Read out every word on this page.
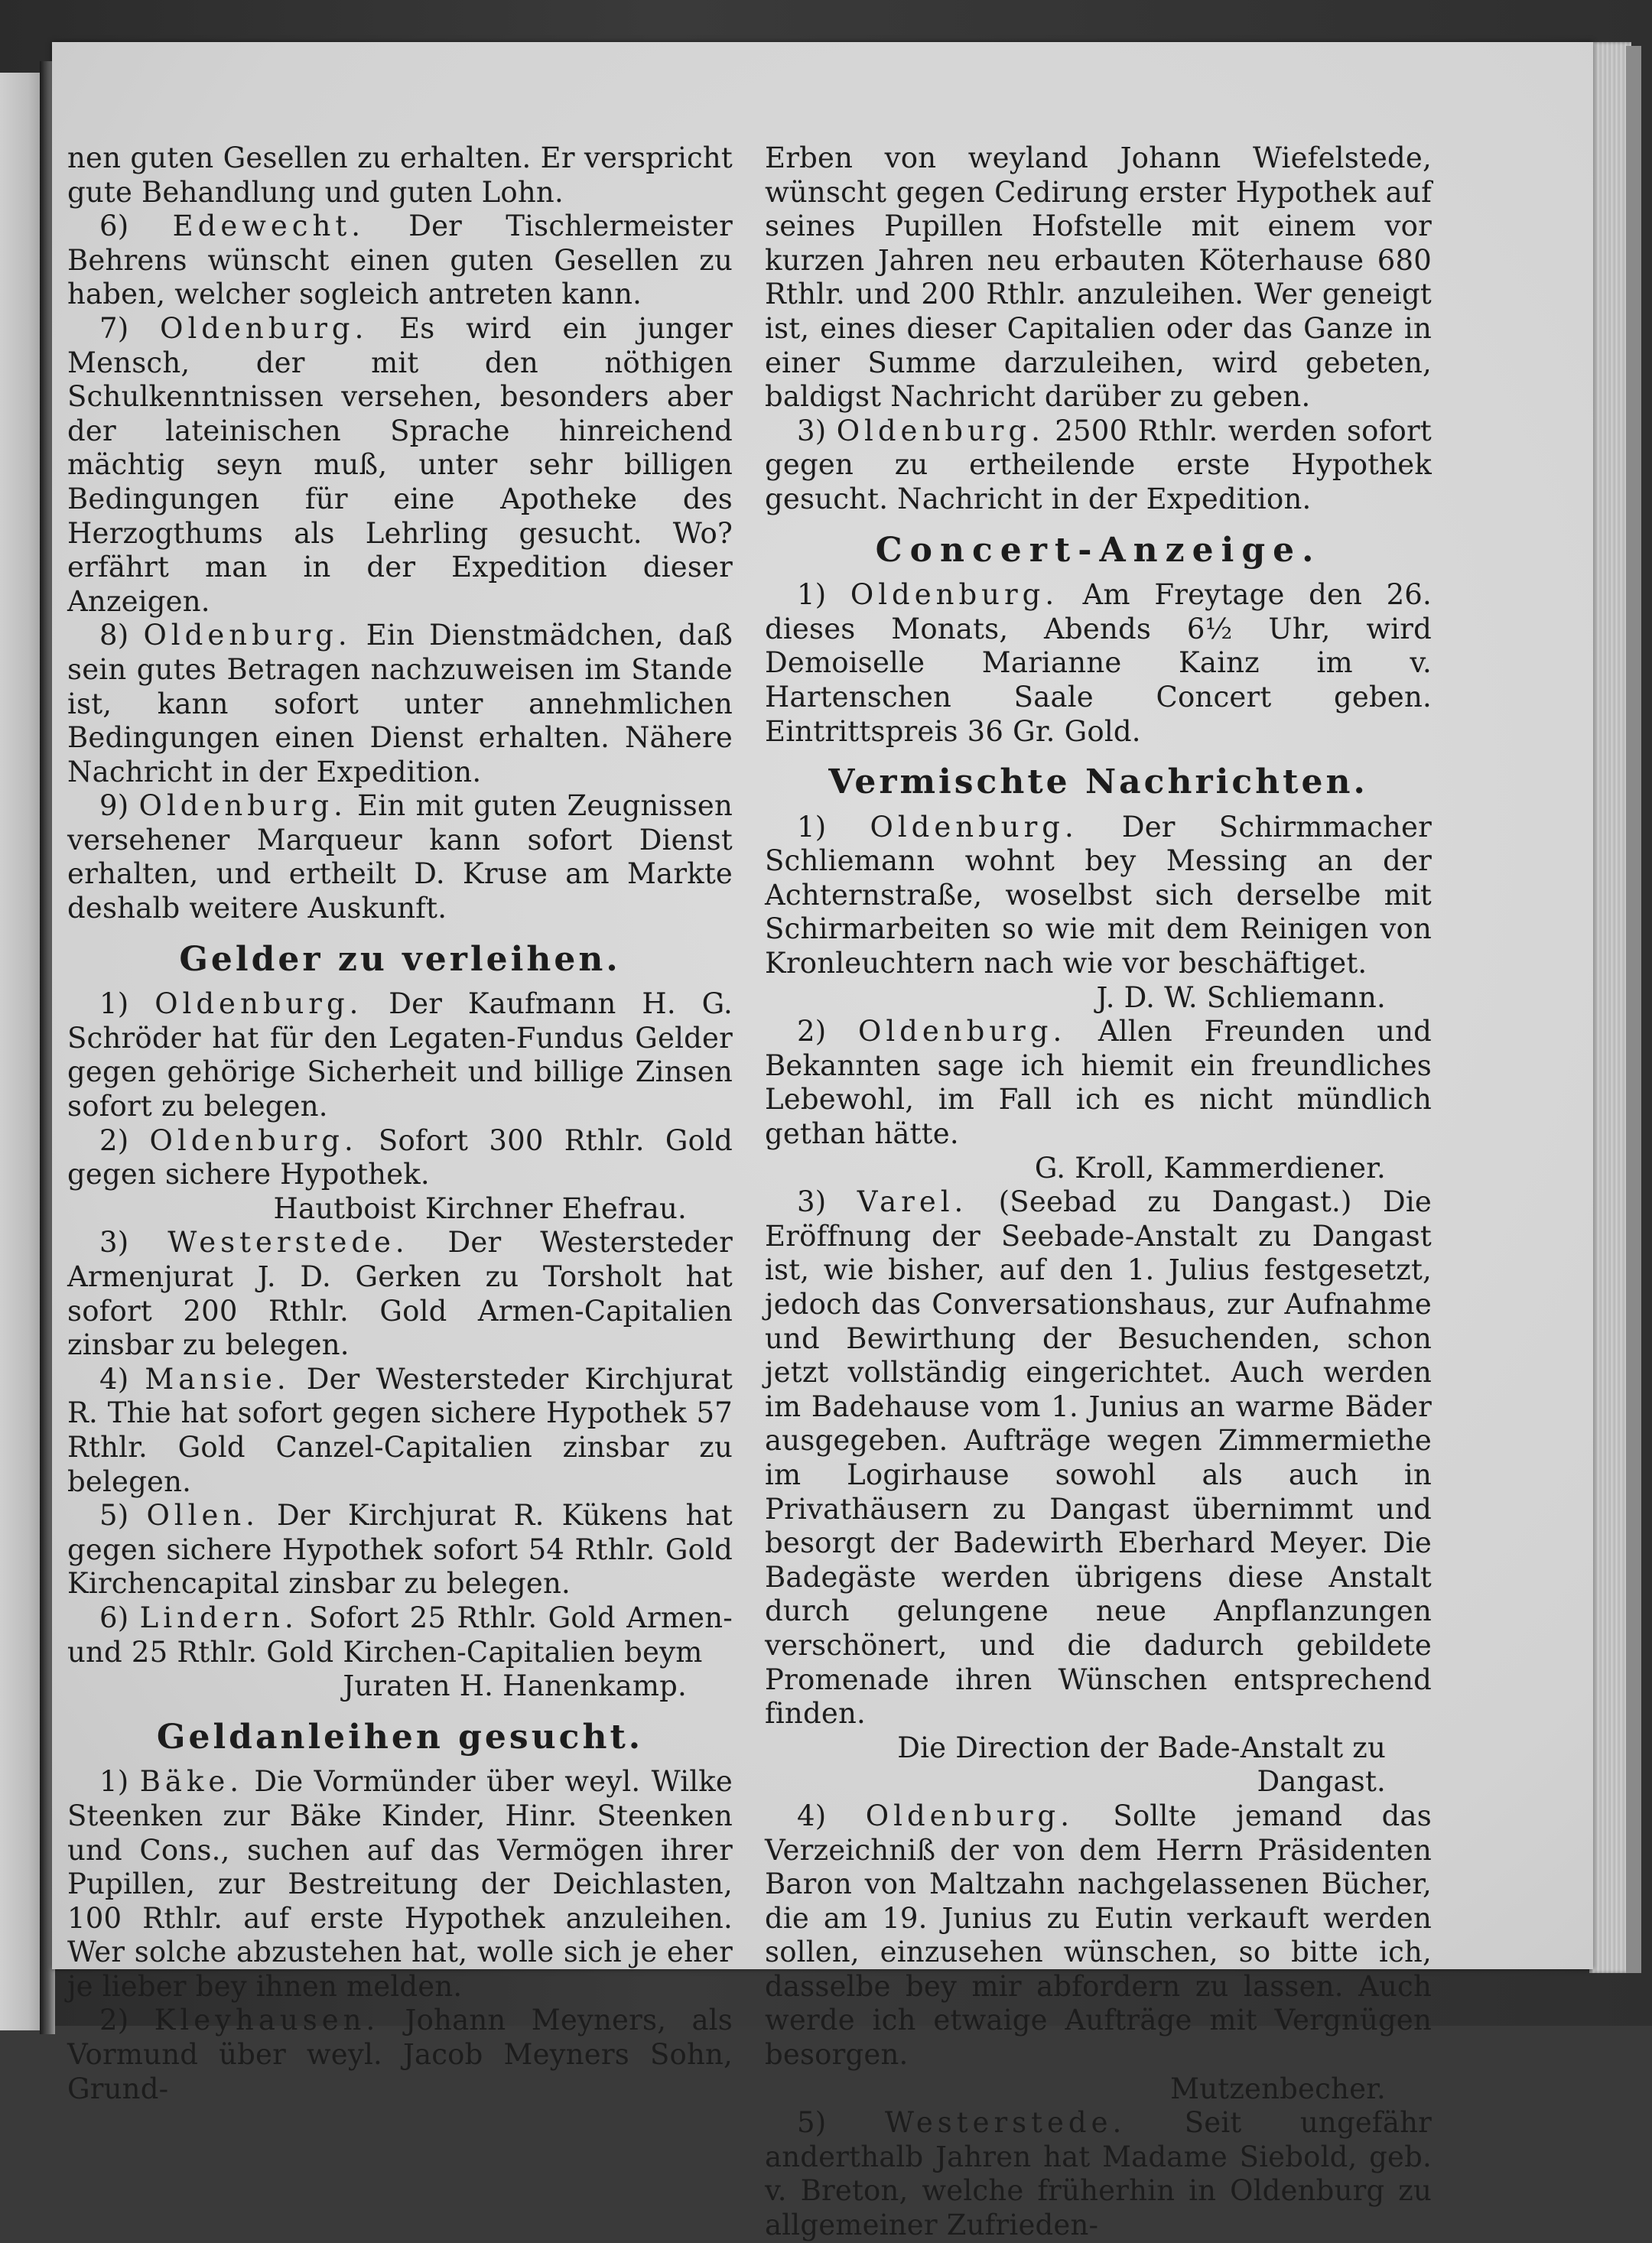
nen guten Gesellen zu erhalten. Er verspricht gute Behandlung und guten Lohn.

6) Edewecht. Der Tischlermeister Behrens wünscht einen guten Gesellen zu haben, welcher sogleich antreten kann.

7) Oldenburg. Es wird ein junger Mensch, der mit den nöthigen Schulkenntnissen versehen, besonders aber der lateinischen Sprache hinreichend mächtig seyn muß, unter sehr billigen Bedingungen für eine Apotheke des Herzogthums als Lehrling gesucht. Wo? erfährt man in der Expedition dieser Anzeigen.

8) Oldenburg. Ein Dienstmädchen, daß sein gutes Betragen nachzuweisen im Stande ist, kann sofort unter annehmlichen Bedingungen einen Dienst erhalten. Nähere Nachricht in der Expedition.

9) Oldenburg. Ein mit guten Zeugnissen versehener Marqueur kann sofort Dienst erhalten, und ertheilt D. Kruse am Markte deshalb weitere Auskunft.

Gelder zu verleihen.

1) Oldenburg. Der Kaufmann H. G. Schröder hat für den Legaten-Fundus Gelder gegen gehörige Sicherheit und billige Zinsen sofort zu belegen.

2) Oldenburg. Sofort 300 Rthlr. Gold gegen sichere Hypothek.
Hautboist Kirchner Ehefrau.

3) Westerstede. Der Westersteder Armenjurat J. D. Gerken zu Torsholt hat sofort 200 Rthlr. Gold Armen-Capitalien zinsbar zu belegen.

4) Mansie. Der Westersteder Kirchjurat R. Thie hat sofort gegen sichere Hypothek 57 Rthlr. Gold Canzel-Capitalien zinsbar zu belegen.

5) Ollen. Der Kirchjurat R. Kükens hat gegen sichere Hypothek sofort 54 Rthlr. Gold Kirchencapital zinsbar zu belegen.

6) Lindern. Sofort 25 Rthlr. Gold Armen- und 25 Rthlr. Gold Kirchen-Capitalien beym
Juraten H. Hanenkamp.

Geldanleihen gesucht.

1) Bäke. Die Vormünder über weyl. Wilke Steenken zur Bäke Kinder, Hinr. Steenken und Cons., suchen auf das Vermögen ihrer Pupillen, zur Bestreitung der Deichlasten, 100 Rthlr. auf erste Hypothek anzuleihen. Wer solche abzustehen hat, wolle sich je eher je lieber bey ihnen melden.

2) Kleyhausen. Johann Meyners, als Vormund über weyl. Jacob Meyners Sohn, Grund-

Erben von weyland Johann Wiefelstede, wünscht gegen Cedirung erster Hypothek auf seines Pupillen Hofstelle mit einem vor kurzen Jahren neu erbauten Köterhause 680 Rthlr. und 200 Rthlr. anzuleihen. Wer geneigt ist, eines dieser Capitalien oder das Ganze in einer Summe darzuleihen, wird gebeten, baldigst Nachricht darüber zu geben.

3) Oldenburg. 2500 Rthlr. werden sofort gegen zu ertheilende erste Hypothek gesucht. Nachricht in der Expedition.

Concert-Anzeige.

1) Oldenburg. Am Freytage den 26. dieses Monats, Abends 6½ Uhr, wird Demoiselle Marianne Kainz im v. Hartenschen Saale Concert geben. Eintrittspreis 36 Gr. Gold.

Vermischte Nachrichten.

1) Oldenburg. Der Schirmmacher Schliemann wohnt bey Messing an der Achternstraße, woselbst sich derselbe mit Schirmarbeiten so wie mit dem Reinigen von Kronleuchtern nach wie vor beschäftiget.
J. D. W. Schliemann.

2) Oldenburg. Allen Freunden und Bekannten sage ich hiemit ein freundliches Lebewohl, im Fall ich es nicht mündlich gethan hätte.
G. Kroll, Kammerdiener.

3) Varel. (Seebad zu Dangast.) Die Eröffnung der Seebade-Anstalt zu Dangast ist, wie bisher, auf den 1. Julius festgesetzt, jedoch das Conversationshaus, zur Aufnahme und Bewirthung der Besuchenden, schon jetzt vollständig eingerichtet. Auch werden im Badehause vom 1. Junius an warme Bäder ausgegeben. Aufträge wegen Zimmermiethe im Logirhause sowohl als auch in Privathäusern zu Dangast übernimmt und besorgt der Badewirth Eberhard Meyer. Die Badegäste werden übrigens diese Anstalt durch gelungene neue Anpflanzungen verschönert, und die dadurch gebildete Promenade ihren Wünschen entsprechend finden.
Die Direction der Bade-Anstalt zu Dangast.

4) Oldenburg. Sollte jemand das Verzeichniß der von dem Herrn Präsidenten Baron von Maltzahn nachgelassenen Bücher, die am 19. Junius zu Eutin verkauft werden sollen, einzusehen wünschen, so bitte ich, dasselbe bey mir abfordern zu lassen. Auch werde ich etwaige Aufträge mit Vergnügen besorgen.
Mutzenbecher.

5) Westerstede. Seit ungefähr anderthalb Jahren hat Madame Siebold, geb. v. Breton, welche früherhin in Oldenburg zu allgemeiner Zufrieden-
